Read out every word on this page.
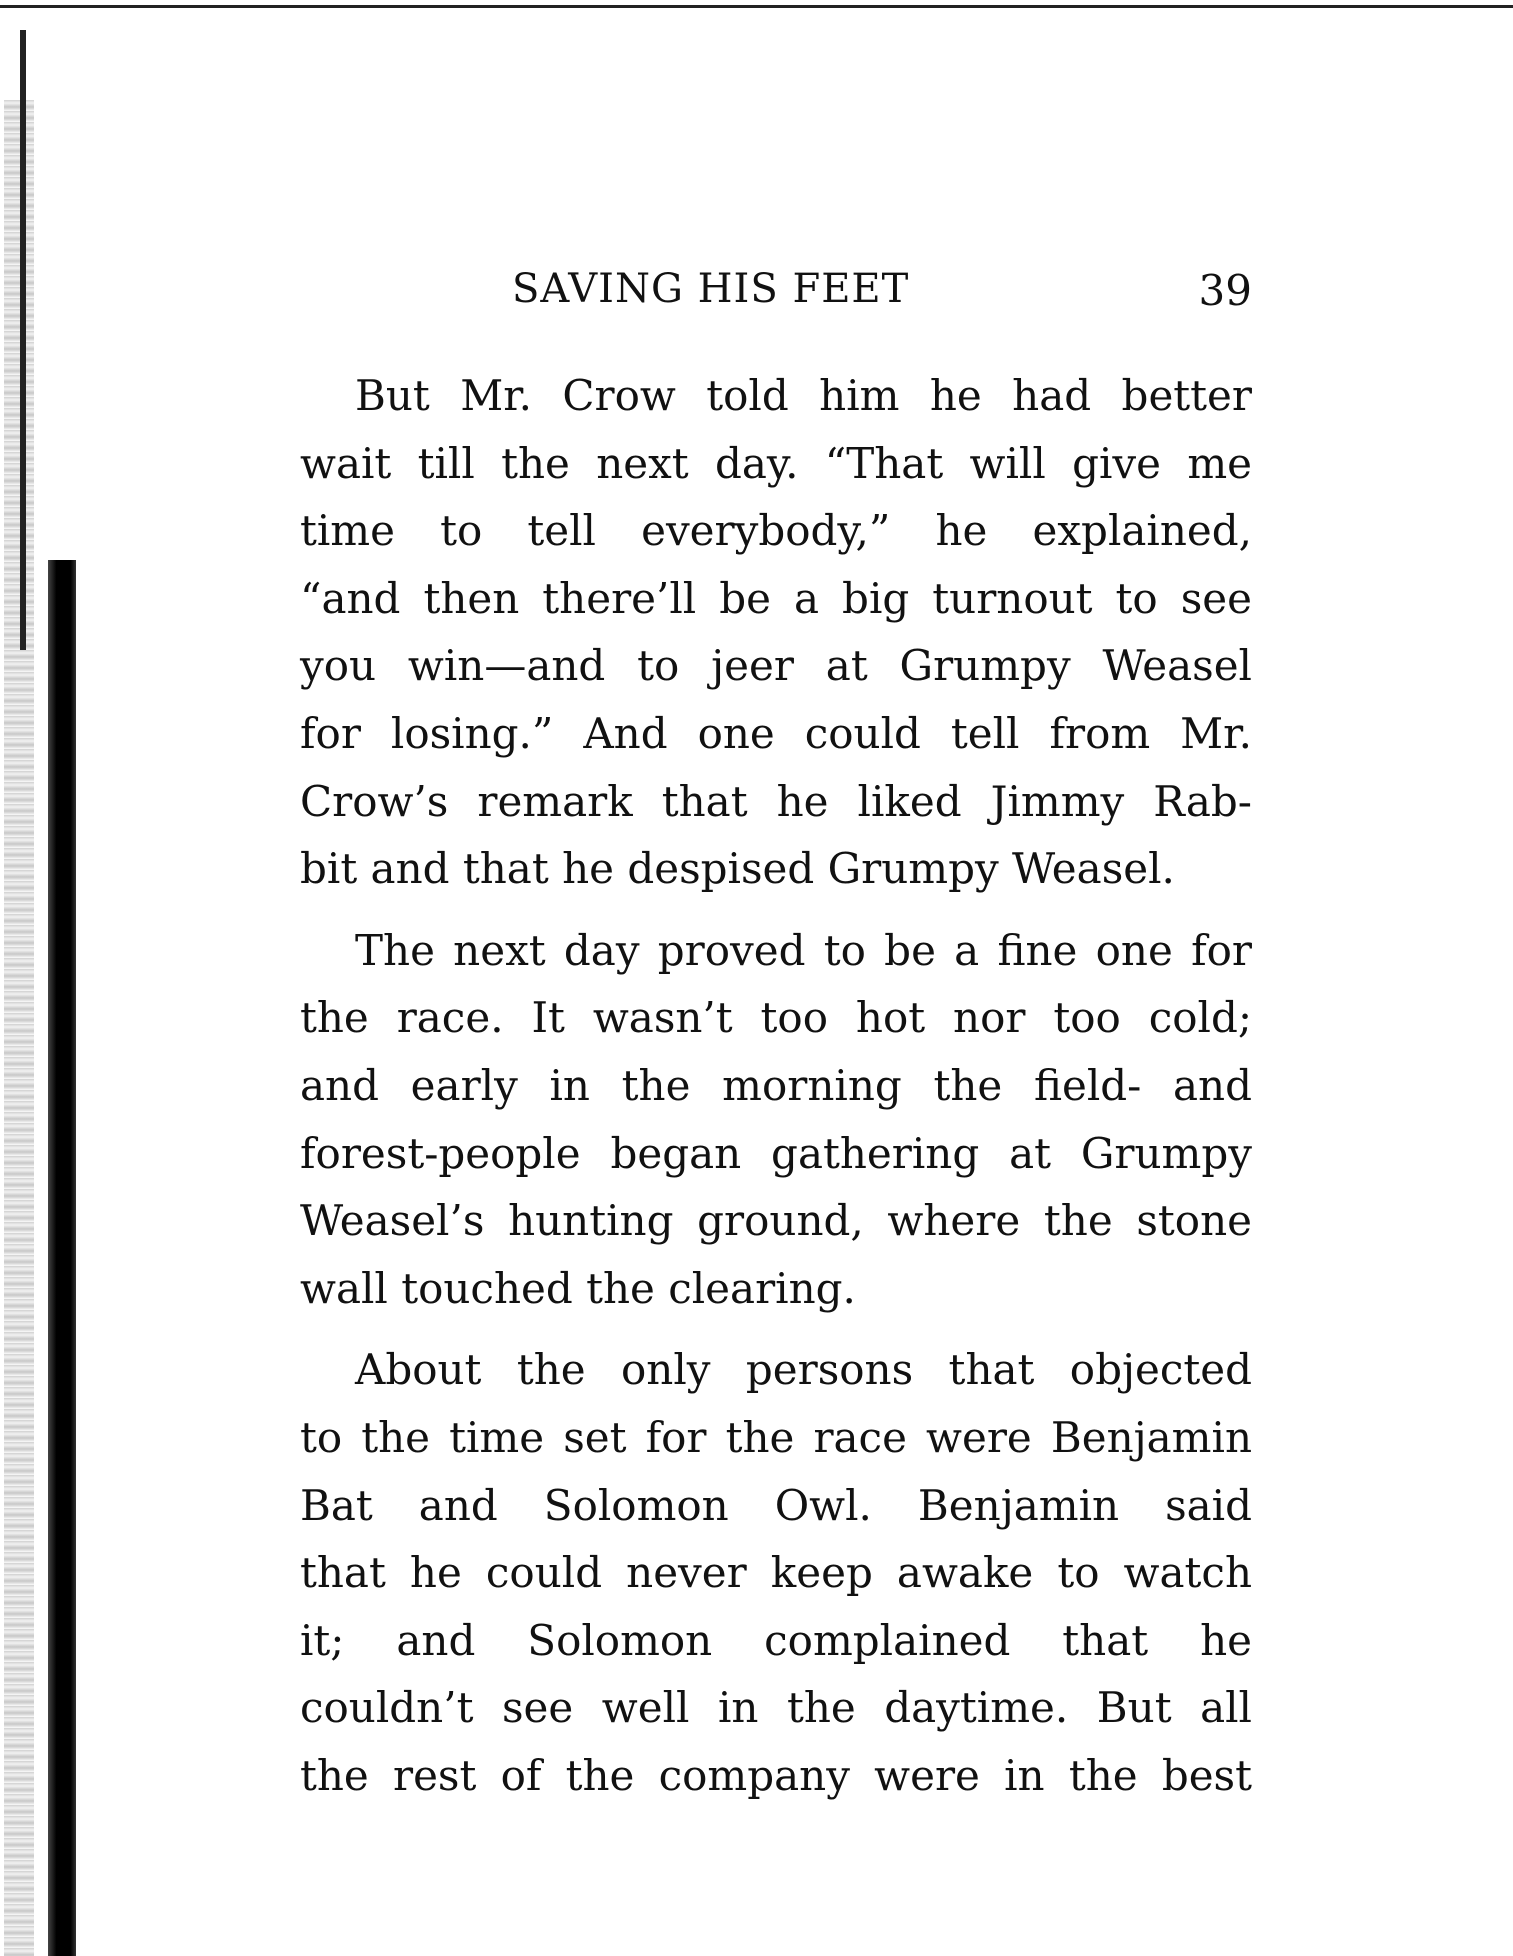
SAVING HIS FEET	39

But Mr. Crow told him he had better
wait till the next day. “That will give me
time to tell everybody,” he explained,
“and then there’ll be a big turnout to see
you win—and to jeer at Grumpy Weasel
for losing.” And one could tell from Mr.
Crow’s remark that he liked Jimmy Rab-
bit and that he despised Grumpy Weasel.

The next day proved to be a fine one for
the race. It wasn’t too hot nor too cold;
and early in the morning the field- and
forest-people began gathering at Grumpy
Weasel’s hunting ground, where the stone
wall touched the clearing.

About the only persons that objected
to the time set for the race were Benjamin
Bat and Solomon Owl. Benjamin said
that he could never keep awake to watch
it; and Solomon complained that he
couldn’t see well in the daytime. But all
the rest of the company were in the best
